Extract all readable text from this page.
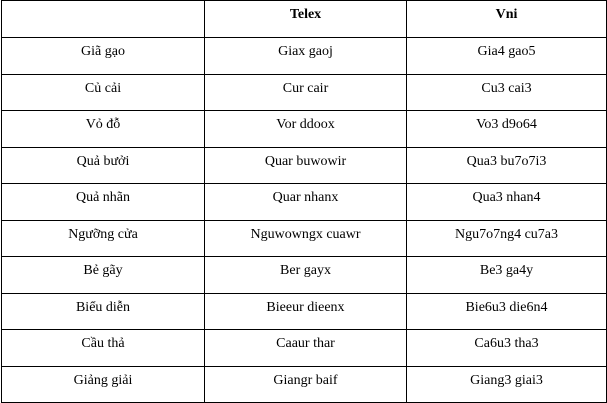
	Telex	Vni
Giã gạo	Giax gaoj	Gia4 gao5
Củ cải	Cur cair	Cu3 cai3
Vỏ đỗ	Vor ddoox	Vo3 d9o64
Quả bưởi	Quar buwowir	Qua3 bu7o7i3
Quả nhãn	Quar nhanx	Qua3 nhan4
Ngưỡng cửa	Nguwowngx cuawr	Ngu7o7ng4 cu7a3
Bẻ gãy	Ber gayx	Be3 ga4y
Biểu diễn	Bieeur dieenx	Bie6u3 die6n4
Cầu thả	Caaur thar	Ca6u3 tha3
Giảng giải	Giangr baif	Giang3 giai3
